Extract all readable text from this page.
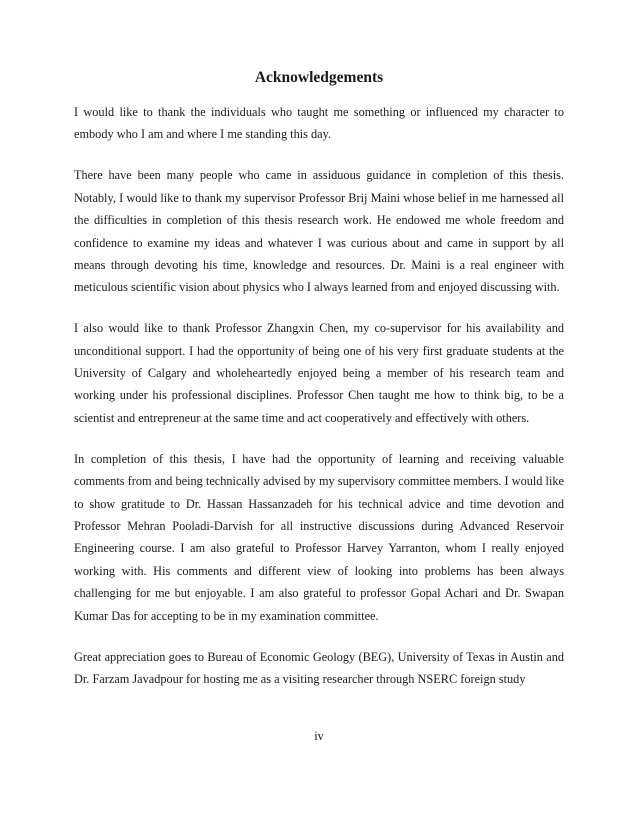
Acknowledgements

I would like to thank the individuals who taught me something or influenced my character to embody who I am and where I me standing this day.

There have been many people who came in assiduous guidance in completion of this thesis. Notably, I would like to thank my supervisor Professor Brij Maini whose belief in me harnessed all the difficulties in completion of this thesis research work. He endowed me whole freedom and confidence to examine my ideas and whatever I was curious about and came in support by all means through devoting his time, knowledge and resources. Dr. Maini is a real engineer with meticulous scientific vision about physics who I always learned from and enjoyed discussing with.

I also would like to thank Professor Zhangxin Chen, my co-supervisor for his availability and unconditional support. I had the opportunity of being one of his very first graduate students at the University of Calgary and wholeheartedly enjoyed being a member of his research team and working under his professional disciplines. Professor Chen taught me how to think big, to be a scientist and entrepreneur at the same time and act cooperatively and effectively with others.

In completion of this thesis, I have had the opportunity of learning and receiving valuable comments from and being technically advised by my supervisory committee members. I would like to show gratitude to Dr. Hassan Hassanzadeh for his technical advice and time devotion and Professor Mehran Pooladi-Darvish for all instructive discussions during Advanced Reservoir Engineering course. I am also grateful to Professor Harvey Yarranton, whom I really enjoyed working with. His comments and different view of looking into problems has been always challenging for me but enjoyable. I am also grateful to professor Gopal Achari and Dr. Swapan Kumar Das for accepting to be in my examination committee.

Great appreciation goes to Bureau of Economic Geology (BEG), University of Texas in Austin and Dr. Farzam Javadpour for hosting me as a visiting researcher through NSERC foreign study

iv
